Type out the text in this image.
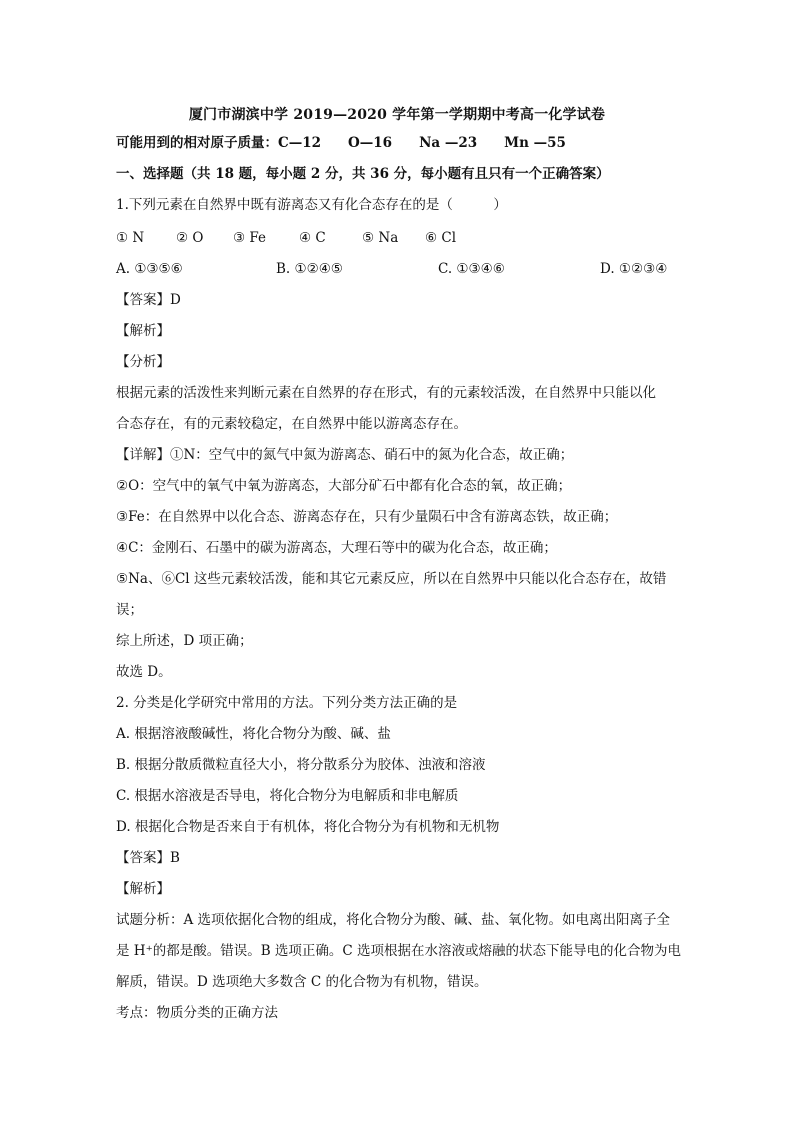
厦门市湖滨中学 2019—2020 学年第一学期期中考高一化学试卷
可能用到的相对原子质量：C—12　　O—16　　Na —23　　Mn —55
一、选择题（共 18 题，每小题 2 分，共 36 分，每小题有且只有一个正确答案）
1.下列元素在自然界中既有游离态又有化合态存在的是（　　　）
① N ② O ③ Fe ④ C	⑤ Na ⑥ Cl
A. ①③⑤⑥	B. ①②④⑤	C. ①③④⑥	D. ①②③④
【答案】D
【解析】
【分析】
根据元素的活泼性来判断元素在自然界的存在形式，有的元素较活泼，在自然界中只能以化
合态存在，有的元素较稳定，在自然界中能以游离态存在。
【详解】①N：空气中的氮气中氮为游离态、硝石中的氮为化合态，故正确；
②O：空气中的氧气中氧为游离态，大部分矿石中都有化合态的氧，故正确；
③Fe：在自然界中以化合态、游离态存在，只有少量陨石中含有游离态铁，故正确；
④C：金刚石、石墨中的碳为游离态，大理石等中的碳为化合态，故正确；
⑤Na、⑥Cl 这些元素较活泼，能和其它元素反应，所以在自然界中只能以化合态存在，故错
误；
综上所述，D 项正确；
故选 D。
2. 分类是化学研究中常用的方法。下列分类方法正确的是
A. 根据溶液酸碱性，将化合物分为酸、碱、盐
B. 根据分散质微粒直径大小，将分散系分为胶体、浊液和溶液
C. 根据水溶液是否导电，将化合物分为电解质和非电解质
D. 根据化合物是否来自于有机体，将化合物分为有机物和无机物
【答案】B
【解析】
试题分析：A 选项依据化合物的组成，将化合物分为酸、碱、盐、氧化物。如电离出阳离子全
是 H⁺的都是酸。错误。B 选项正确。C 选项根据在水溶液或熔融的状态下能导电的化合物为电
解质，错误。D 选项绝大多数含 C 的化合物为有机物，错误。
考点：物质分类的正确方法
